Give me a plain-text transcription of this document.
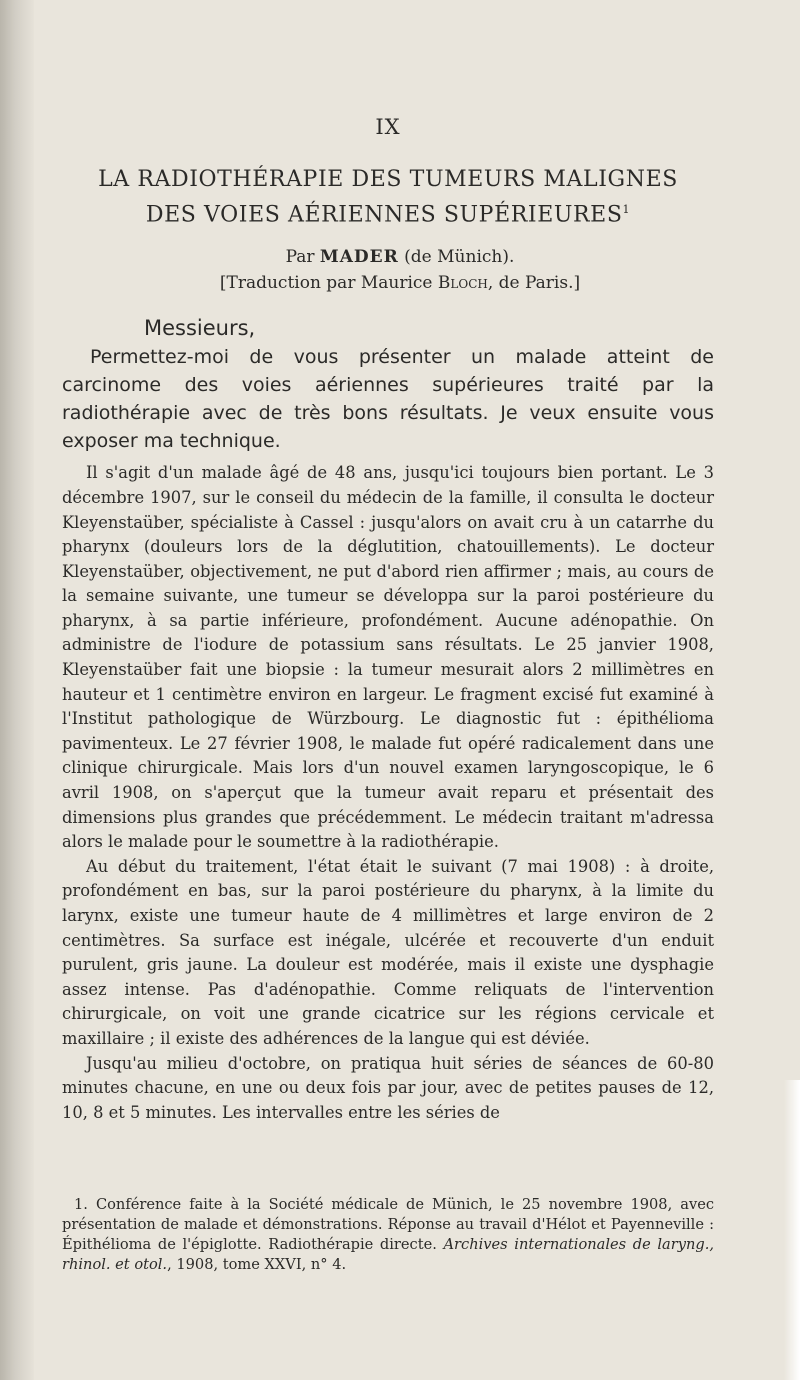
IX
LA RADIOTHÉRAPIE DES TUMEURS MALIGNES
DES VOIES AÉRIENNES SUPÉRIEURES$^1$
Par MADER (de Münich).
[Traduction par Maurice Bloch, de Paris.]
Messieurs,

Permettez-moi de vous présenter un malade atteint de carcinome des voies aériennes supérieures traité par la radiothérapie avec de très bons résultats. Je veux ensuite vous exposer ma technique.

Il s'agit d'un malade âgé de 48 ans, jusqu'ici toujours bien portant. Le 3 décembre 1907, sur le conseil du médecin de la famille, il consulta le docteur Kleyenstaüber, spécialiste à Cassel : jusqu'alors on avait cru à un catarrhe du pharynx (douleurs lors de la déglutition, chatouillements). Le docteur Kleyenstaüber, objectivement, ne put d'abord rien affirmer ; mais, au cours de la semaine suivante, une tumeur se développa sur la paroi postérieure du pharynx, à sa partie inférieure, profondément. Aucune adénopathie. On administre de l'iodure de potassium sans résultats. Le 25 janvier 1908, Kleyenstaüber fait une biopsie : la tumeur mesurait alors 2 millimètres en hauteur et 1 centimètre environ en largeur. Le fragment excisé fut examiné à l'Institut pathologique de Würzbourg. Le diagnostic fut : épithélioma pavimenteux. Le 27 février 1908, le malade fut opéré radicalement dans une clinique chirurgicale. Mais lors d'un nouvel examen laryngoscopique, le 6 avril 1908, on s'aperçut que la tumeur avait reparu et présentait des dimensions plus grandes que précédemment. Le médecin traitant m'adressa alors le malade pour le soumettre à la radiothérapie.

Au début du traitement, l'état était le suivant (7 mai 1908) : à droite, profondément en bas, sur la paroi postérieure du pharynx, à la limite du larynx, existe une tumeur haute de 4 millimètres et large environ de 2 centimètres. Sa surface est inégale, ulcérée et recouverte d'un enduit purulent, gris jaune. La douleur est modérée, mais il existe une dysphagie assez intense. Pas d'adénopathie. Comme reliquats de l'intervention chirurgicale, on voit une grande cicatrice sur les régions cervicale et maxillaire ; il existe des adhérences de la langue qui est déviée.

Jusqu'au milieu d'octobre, on pratiqua huit séries de séances de 60-80 minutes chacune, en une ou deux fois par jour, avec de petites pauses de 12, 10, 8 et 5 minutes. Les intervalles entre les séries de

1. Conférence faite à la Société médicale de Münich, le 25 novembre 1908, avec présentation de malade et démonstrations. Réponse au travail d'Hélot et Payenneville : Épithélioma de l'épiglotte. Radiothérapie directe. Archives internationales de laryng., rhinol. et otol., 1908, tome XXVI, n° 4.
